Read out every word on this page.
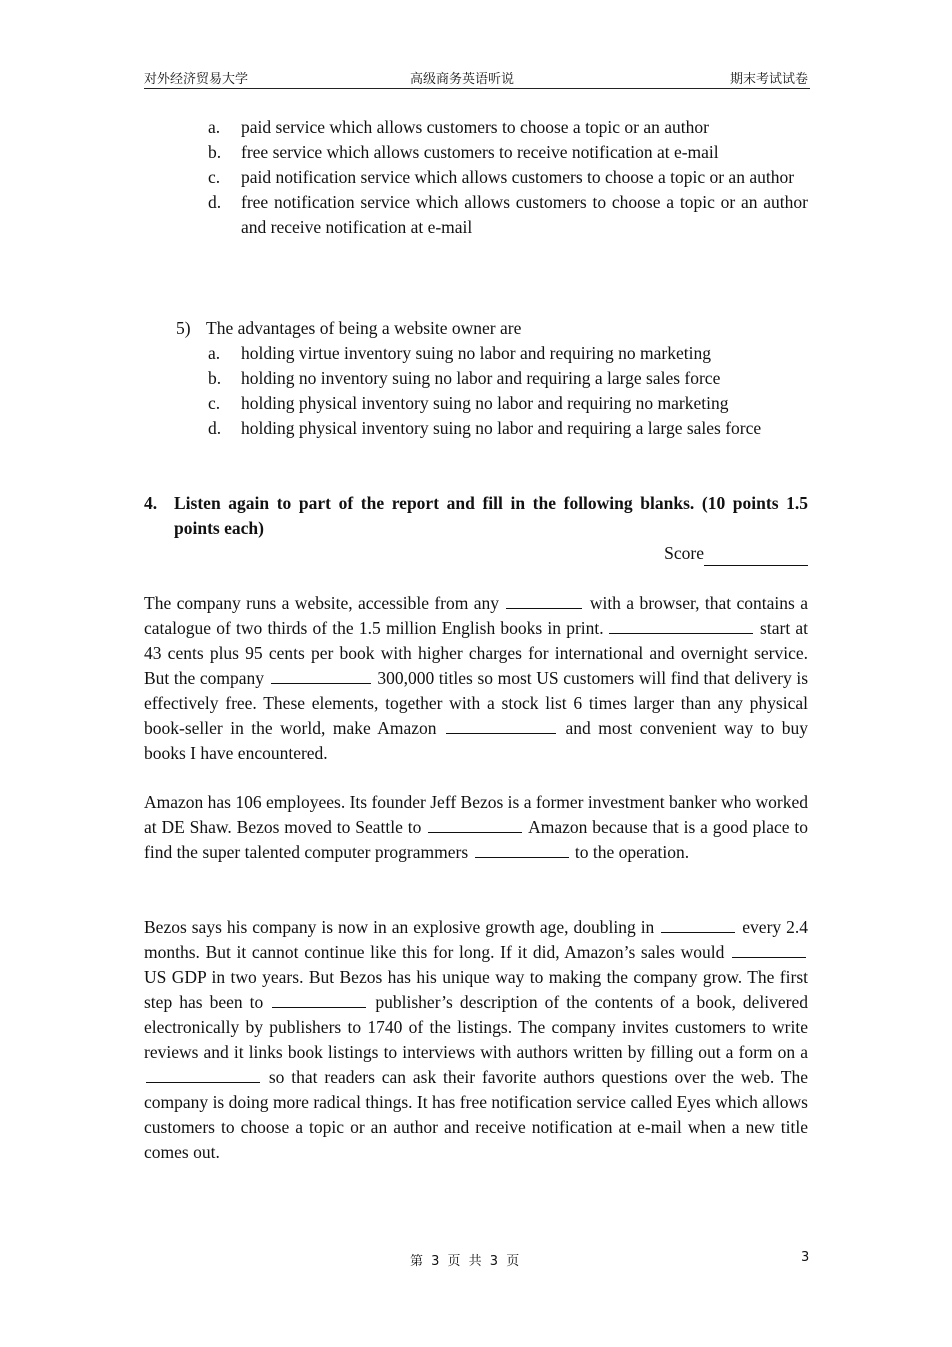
对外经济贸易大学	高级商务英语听说	期末考试试卷
a.	paid service which allows customers to choose a topic or an author
b.	free service which allows customers to receive notification at e-mail
c.	paid notification service which allows customers to choose a topic or an author
d.	free notification service which allows customers to choose a topic or an author and receive notification at e-mail
5) The advantages of being a website owner are
a.	holding virtue inventory suing no labor and requiring no marketing
b.	holding no inventory suing no labor and requiring a large sales force
c.	holding physical inventory suing no labor and requiring no marketing
d.	holding physical inventory suing no labor and requiring a large sales force
4. Listen again to part of the report and fill in the following blanks. (10 points 1.5 points each)
Score

The company runs a website, accessible from any	with a browser, that contains a catalogue of two thirds of the 1.5 million English books in print.	start at 43 cents plus 95 cents per book with higher charges for international and overnight service. But the company	300,000 titles so most US customers will find that delivery is effectively free. These elements, together with a stock list 6 times larger than any physical book-seller in the world, make Amazon	and most convenient way to buy books I have encountered.

Amazon has 106 employees. Its founder Jeff Bezos is a former investment banker who worked at DE Shaw. Bezos moved to Seattle to	Amazon because that is a good place to find the super talented computer programmers	to the operation.

Bezos says his company is now in an explosive growth age, doubling in	every 2.4 months. But it cannot continue like this for long. If it did, Amazon’s sales would  US GDP in two years. But Bezos has his unique way to making the company grow. The first step has been to	publisher’s description of the contents of a book, delivered electronically by publishers to 1740 of the listings. The company invites customers to write reviews and it links book listings to interviews with authors written by filling out a form on a  so that readers can ask their favorite authors questions over the web. The company is doing more radical things. It has free notification service called Eyes which allows customers to choose a topic or an author and receive notification at e-mail when a new title comes out.

第 3 页 共 3 页	3
